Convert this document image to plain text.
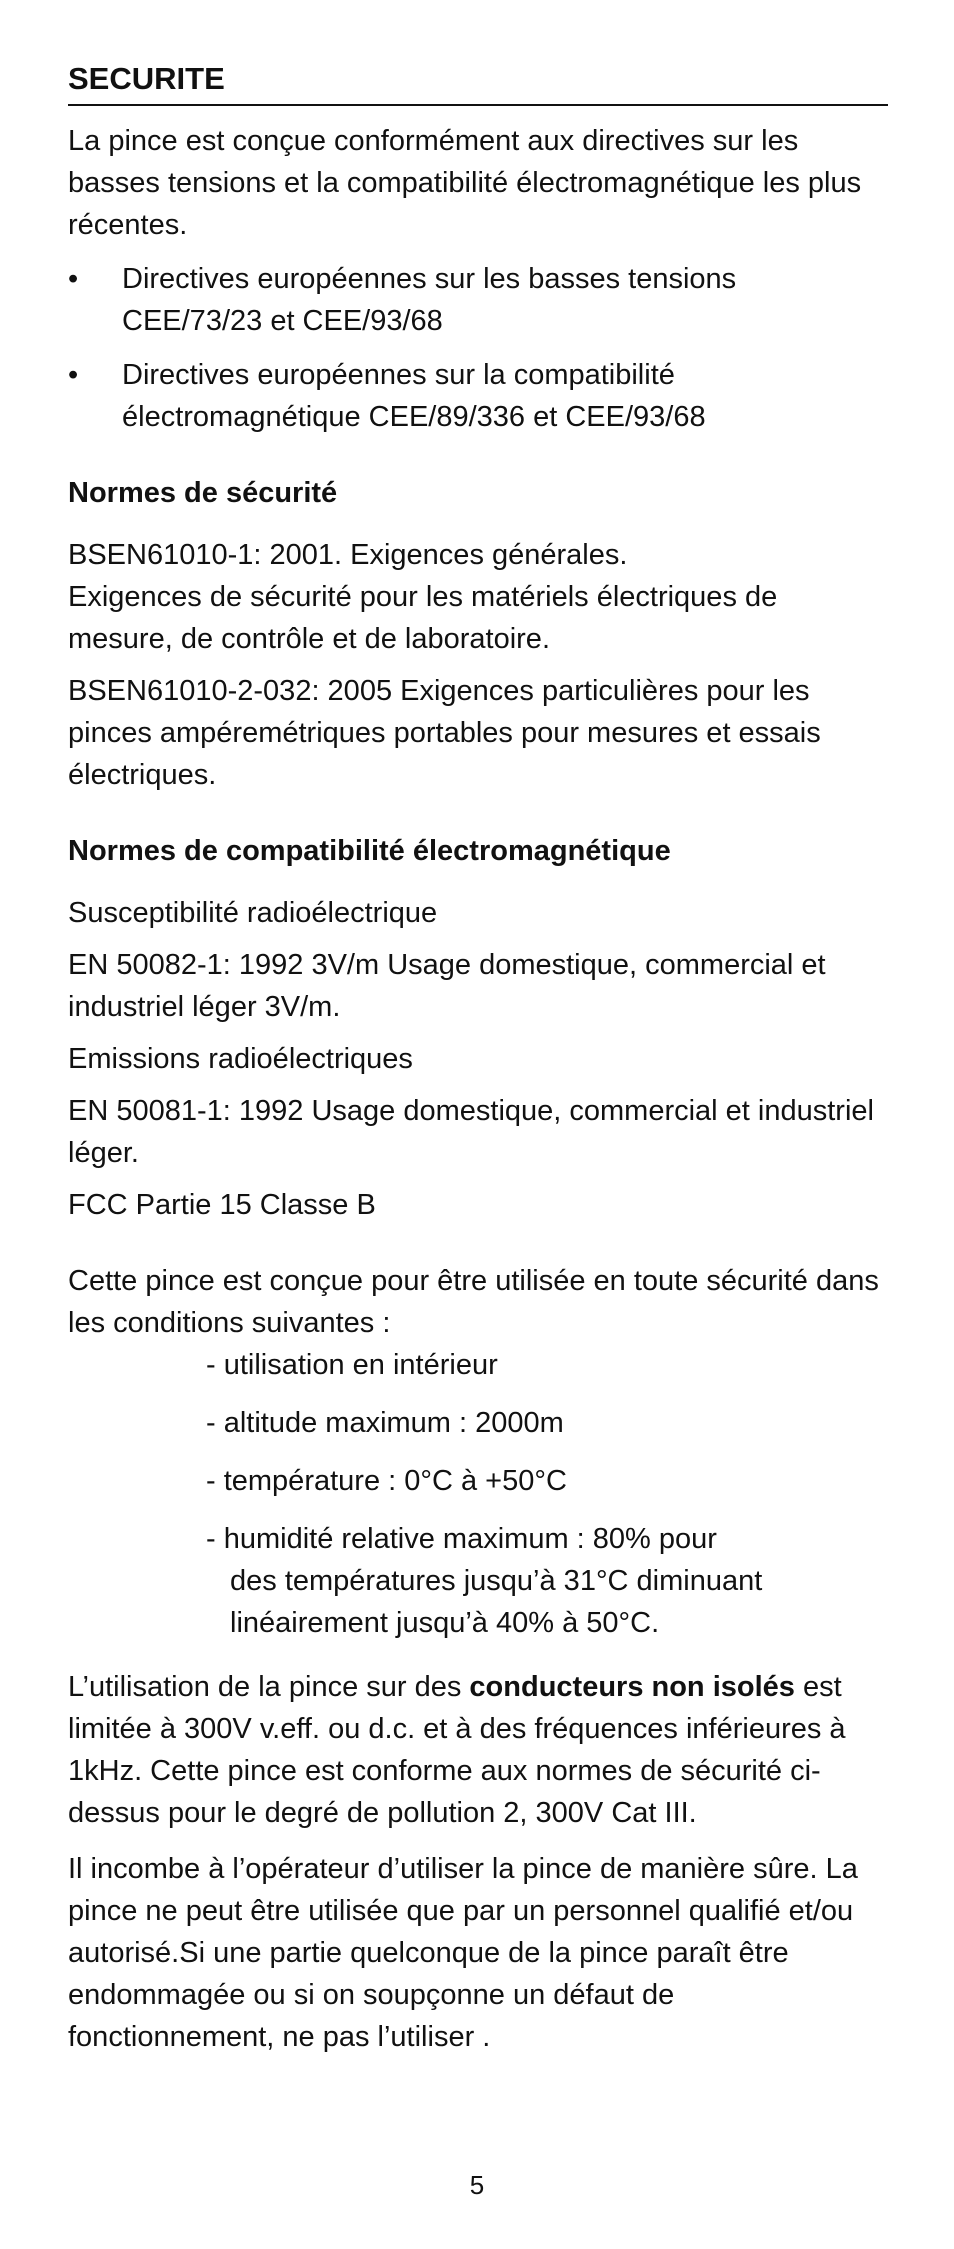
SECURITE

La pince est conçue conformément aux directives sur les basses tensions et la compatibilité électromagnétique les plus récentes.

• Directives européennes sur les basses tensions
CEE/73/23 et CEE/93/68
• Directives européennes sur la compatibilité
électromagnétique CEE/89/336 et CEE/93/68

Normes de sécurité

BSEN61010-1: 2001. Exigences générales.

Exigences de sécurité pour les matériels électriques de mesure, de contrôle et de laboratoire.

BSEN61010-2-032: 2005 Exigences particulières pour les pinces ampéremétriques portables pour mesures et essais électriques.

Normes de compatibilité électromagnétique

Susceptibilité radioélectrique

EN 50082-1: 1992 3V/m Usage domestique, commercial et industriel léger 3V/m.

Emissions radioélectriques

EN 50081-1: 1992 Usage domestique, commercial et industriel léger.

FCC Partie 15 Classe B

Cette pince est conçue pour être utilisée en toute sécurité dans les conditions suivantes :

- utilisation en intérieur
- altitude maximum : 2000m
- température : 0°C à +50°C
- humidité relative maximum : 80% pour
des températures jusqu’à 31°C diminuant
linéairement jusqu’à 40% à 50°C.

L’utilisation de la pince sur des conducteurs non isolés est limitée à 300V v.eff. ou d.c. et à des fréquences inférieures à 1kHz. Cette pince est conforme aux normes de sécurité ci-dessus pour le degré de pollution 2, 300V Cat III.

Il incombe à l’opérateur d’utiliser la pince de manière sûre. La pince ne peut être utilisée que par un personnel qualifié et/ou autorisé.Si une partie quelconque de la pince paraît être endommagée ou si on soupçonne un défaut de fonctionnement, ne pas l’utiliser .

5
